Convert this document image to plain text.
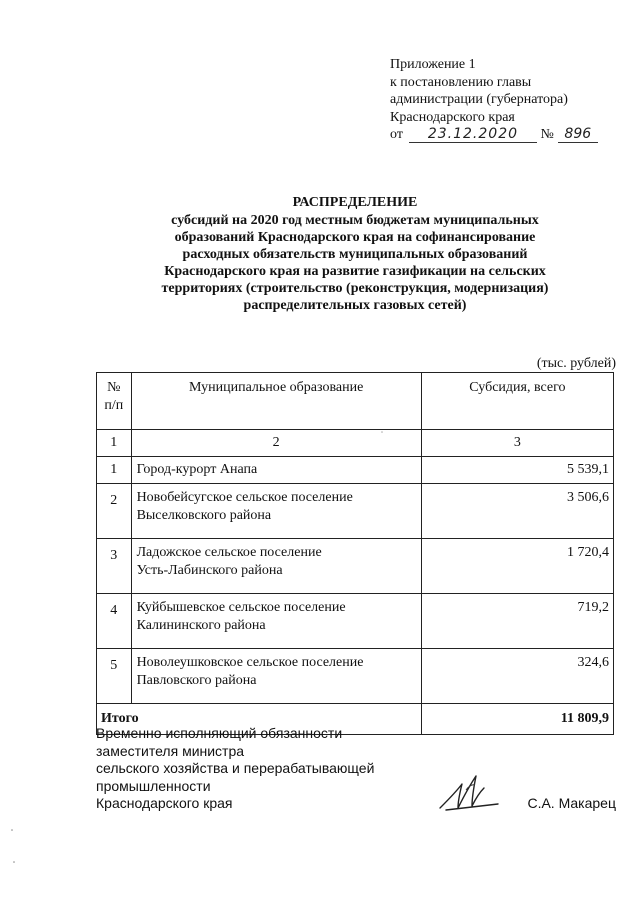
Приложение 1
к постановлению главы
администрации (губернатора)
Краснодарского края
от 23.12.2020 № 896
РАСПРЕДЕЛЕНИЕ
субсидий на 2020 год местным бюджетам муниципальных
образований Краснодарского края на софинансирование
расходных обязательств муниципальных образований
Краснодарского края на развитие газификации на сельских
территориях (строительство (реконструкция, модернизация)
распределительных газовых сетей)
(тыс. рублей)
№
п/п	Муниципальное образование	Субсидия, всего
1	2	3
1	Город-курорт Анапа	5 539,1
2	Новобейсугское сельское поселение
Выселковского района	3 506,6
3	Ладожское сельское поселение
Усть-Лабинского района	1 720,4
4	Куйбышевское сельское поселение
Калининского района	719,2
5	Новолеушковское сельское поселение
Павловского района	324,6
Итого		11 809,9
Временно исполняющий обязанности
заместителя министра
сельского хозяйства и перерабатывающей
промышленности
Краснодарского края	С.А. Макарец
